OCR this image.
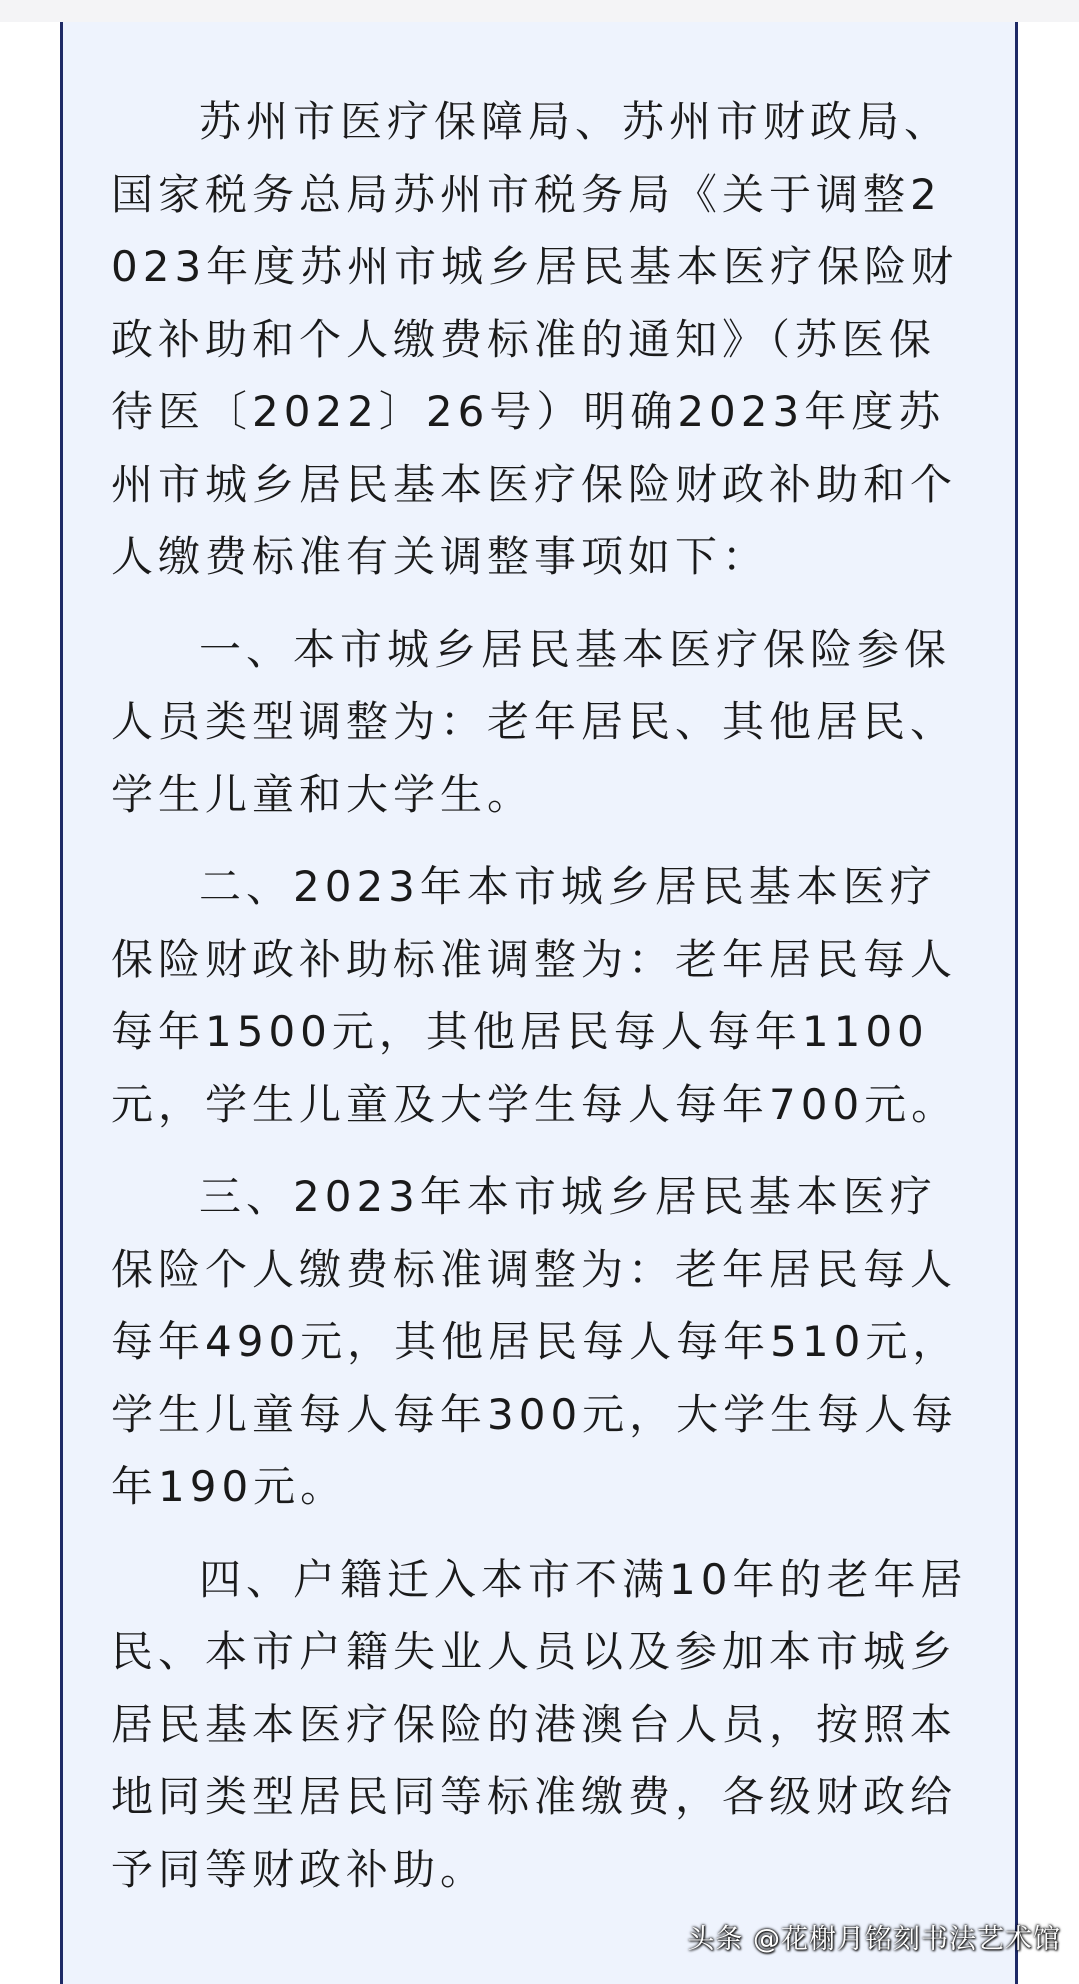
苏州市医疗保障局、苏州市财政局、国家税务总局苏州市税务局《关于调整2023年度苏州市城乡居民基本医疗保险财政补助和个人缴费标准的通知》（苏医保待医〔2022〕26号）明确2023年度苏州市城乡居民基本医疗保险财政补助和个人缴费标准有关调整事项如下：

一、本市城乡居民基本医疗保险参保人员类型调整为：老年居民、其他居民、学生儿童和大学生。

二、2023年本市城乡居民基本医疗保险财政补助标准调整为：老年居民每人每年1500元，其他居民每人每年1100元，学生儿童及大学生每人每年700元。

三、2023年本市城乡居民基本医疗保险个人缴费标准调整为：老年居民每人每年490元，其他居民每人每年510元，学生儿童每人每年300元，大学生每人每年190元。

四、户籍迁入本市不满10年的老年居民、本市户籍失业人员以及参加本市城乡居民基本医疗保险的港澳台人员，按照本地同类型居民同等标准缴费，各级财政给予同等财政补助。

头条 @花榭月铭刻书法艺术馆
